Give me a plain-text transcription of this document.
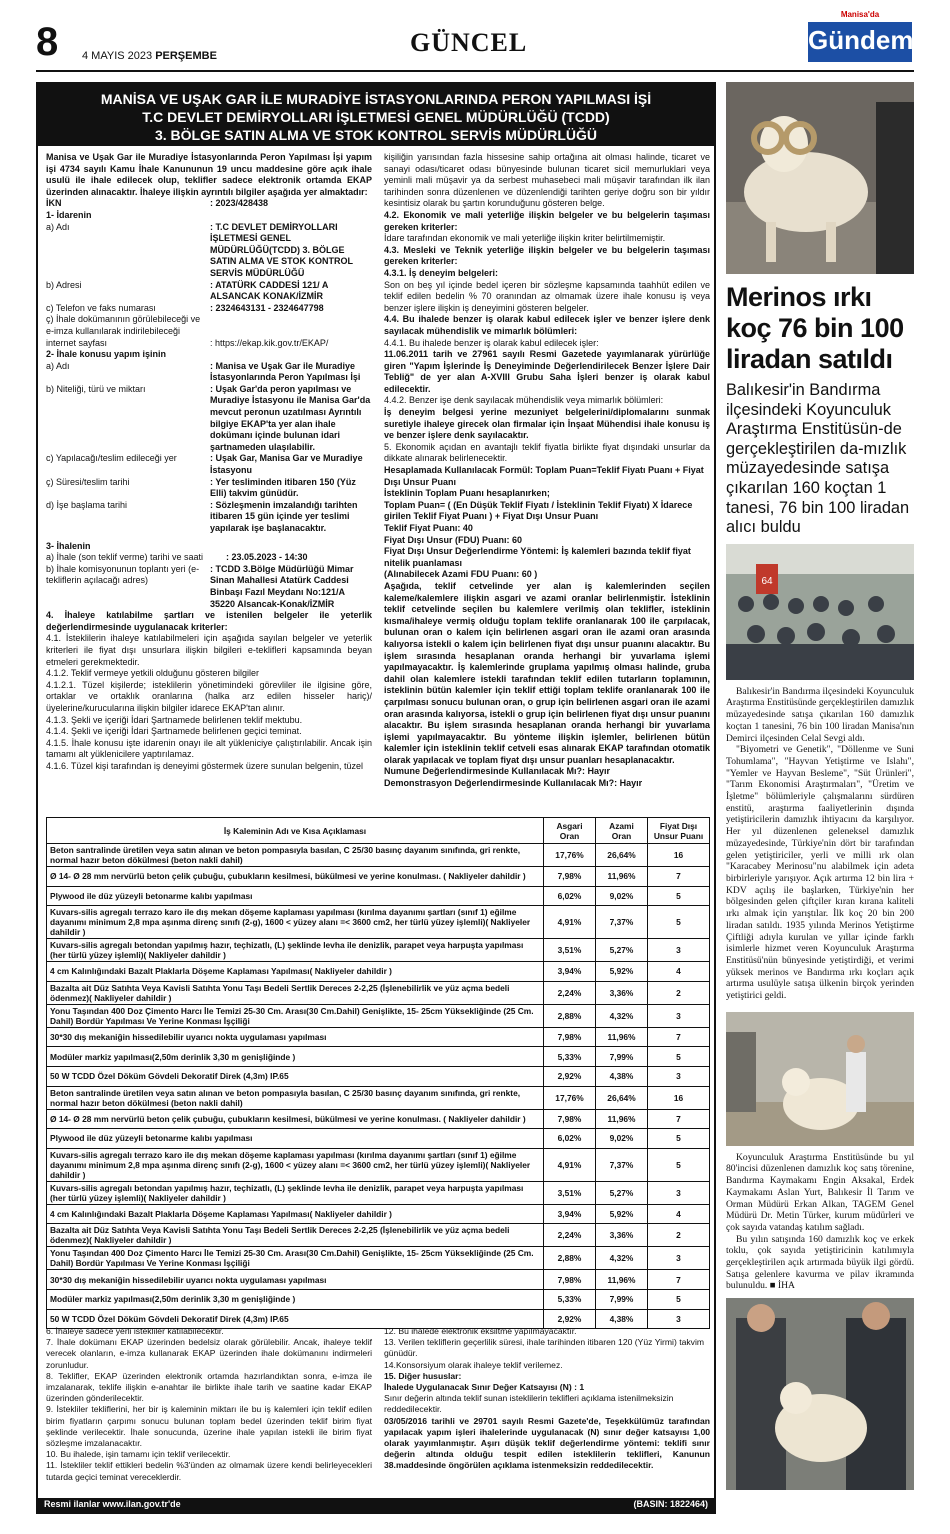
8 4 MAYIS 2023 PERŞEMBE	GÜNCEL
Manisa'da
Gündem
MANİSA VE UŞAK GAR İLE MURADİYE İSTASYONLARINDA PERON YAPILMASI İŞİ
T.C DEVLET DEMİRYOLLARI İŞLETMESİ GENEL MÜDÜRLÜĞÜ (TCDD)
3. BÖLGE SATIN ALMA VE STOK KONTROL SERVİS MÜDÜRLÜĞÜ

Manisa ve Uşak Gar ile Muradiye İstasyonlarında Peron Yapılması İşi yapım işi 4734 sayılı Kamu İhale Kanununun 19 uncu maddesine göre açık ihale usulü ile ihale edilecek olup, teklifler sadece elektronik ortamda EKAP üzerinden alınacaktır. İhaleye ilişkin ayrıntılı bilgiler aşağıda yer almaktadır:

İKN	: 2023/428438

1- İdarenin

a) Adı	: T.C DEVLET DEMİRYOLLARI İŞLETMESİ GENEL MÜDÜRLÜĞÜ(TCDD) 3. BÖLGE SATIN ALMA VE STOK KONTROL SERVİS MÜDÜRLÜĞÜ
b) Adresi	: ATATÜRK CADDESİ 121/ A ALSANCAK KONAK/İZMİR
c) Telefon ve faks numarası	: 2324643131 - 2324647798
ç) İhale dokümanının görülebileceği ve e-imza kullanılarak indirilebileceği internet sayfası	: https://ekap.kik.gov.tr/EKAP/

2- İhale konusu yapım işinin

a) Adı	: Manisa ve Uşak Gar ile Muradiye İstasyonlarında Peron Yapılması İşi
b) Niteliği, türü ve miktarı	: Uşak Gar'da peron yapılması ve Muradiye İstasyonu ile Manisa Gar'da mevcut peronun uzatılması Ayrıntılı bilgiye EKAP'ta yer alan ihale dokümanı içinde bulunan idari şartnameden ulaşılabilir.
c) Yapılacağı/teslim edileceği yer	: Uşak Gar, Manisa Gar ve Muradiye İstasyonu
ç) Süresi/teslim tarihi	: Yer tesliminden itibaren 150 (Yüz Elli) takvim günüdür.
d) İşe başlama tarihi	: Sözleşmenin imzalandığı tarihten itibaren 15 gün içinde yer teslimi yapılarak işe başlanacaktır.

3- İhalenin

a) İhale (son teklif verme) tarihi ve saati	: 23.05.2023 - 14:30
b) İhale komisyonunun toplantı yeri (e-tekliflerin açılacağı adres)
: TCDD 3.Bölge Müdürlüğü Mimar Sinan Mahallesi Atatürk Caddesi Binbaşı Fazıl Meydanı No:121/A 35220 Alsancak-Konak/İZMİR

4. İhaleye katılabilme şartları ve istenilen belgeler ile yeterlik değerlendirmesinde uygulanacak kriterler:

4.1. İsteklilerin ihaleye katılabilmeleri için aşağıda sayılan belgeler ve yeterlik kriterleri ile fiyat dışı unsurlara ilişkin bilgileri e-teklifleri kapsamında beyan etmeleri gerekmektedir.

4.1.2. Teklif vermeye yetkili olduğunu gösteren bilgiler

4.1.2.1. Tüzel kişilerde; isteklilerin yönetimindeki görevliler ile ilgisine göre, ortaklar ve ortaklık oranlarına (halka arz edilen hisseler hariç)/üyelerine/kurucularına ilişkin bilgiler idarece EKAP'tan alınır.

4.1.3. Şekli ve içeriği İdari Şartnamede belirlenen teklif mektubu.

4.1.4. Şekli ve içeriği İdari Şartnamede belirlenen geçici teminat.

4.1.5. İhale konusu işte idarenin onayı ile alt yükleniciye çalıştırılabilir. Ancak işin tamamı alt yüklenicilere yaptırılamaz.

4.1.6. Tüzel kişi tarafından iş deneyimi göstermek üzere sunulan belgenin, tüzel

kişiliğin yarısından fazla hissesine sahip ortağına ait olması halinde, ticaret ve sanayi odası/ticaret odası bünyesinde bulunan ticaret sicil memurluklari veya yeminli mali müşavir ya da serbest muhasebeci mali müşavir tarafından ilk ilan tarihinden sonra düzenlenen ve düzenlendiği tarihten geriye doğru son bir yıldır kesintisiz olarak bu şartın korunduğunu gösteren belge.

4.2. Ekonomik ve mali yeterliğe ilişkin belgeler ve bu belgelerin taşıması gereken kriterler:

İdare tarafından ekonomik ve mali yeterliğe ilişkin kriter belirtilmemiştir.

4.3. Mesleki ve Teknik yeterliğe ilişkin belgeler ve bu belgelerin taşıması gereken kriterler:

4.3.1. İş deneyim belgeleri:

Son on beş yıl içinde bedel içeren bir sözleşme kapsamında taahhüt edilen ve teklif edilen bedelin % 70 oranından az olmamak üzere ihale konusu iş veya benzer işlere ilişkin iş deneyimini gösteren belgeler.

4.4. Bu ihalede benzer iş olarak kabul edilecek işler ve benzer işlere denk sayılacak mühendislik ve mimarlık bölümleri:

4.4.1. Bu ihalede benzer iş olarak kabul edilecek işler:

11.06.2011 tarih ve 27961 sayılı Resmi Gazetede yayımlanarak yürürlüğe giren "Yapım İşlerinde İş Deneyiminde Değerlendirilecek Benzer İşlere Dair Tebliğ" de yer alan A-XVIII Grubu Saha İşleri benzer iş olarak kabul edilecektir.

4.4.2. Benzer işe denk sayılacak mühendislik veya mimarlık bölümleri:

İş deneyim belgesi yerine mezuniyet belgelerini/diplomalarını sunmak suretiyle ihaleye girecek olan firmalar için İnşaat Mühendisi ihale konusu iş ve benzer işlere denk sayılacaktır.

5. Ekonomik açıdan en avantajlı teklif fiyatla birlikte fiyat dışındaki unsurlar da dikkate alınarak belirlenecektir.

Hesaplamada Kullanılacak Formül: Toplam Puan=Teklif Fiyatı Puanı + Fiyat Dışı Unsur Puanı

İsteklinin Toplam Puanı hesaplanırken;

Toplam Puan= ( (En Düşük Teklif Fiyatı / İsteklinin Teklif Fiyatı) X İdarece girilen Teklif Fiyat Puanı ) + Fiyat Dışı Unsur Puanı

Teklif Fiyat Puanı: 40

Fiyat Dışı Unsur (FDU) Puanı: 60

Fiyat Dışı Unsur Değerlendirme Yöntemi: İş kalemleri bazında teklif fiyat nitelik puanlaması

(Alınabilecek Azami FDU Puanı: 60 )

Aşağıda, teklif cetvelinde yer alan iş kalemlerinden seçilen kaleme/kalemlere ilişkin asgari ve azami oranlar belirlenmiştir. İsteklinin teklif cetvelinde seçilen bu kalemlere verilmiş olan teklifler, isteklinin kısma/ihaleye vermiş olduğu toplam teklife oranlanarak 100 ile çarpılacak, bulunan oran o kalem için belirlenen asgari oran ile azami oran arasında kalıyorsa istekli o kalem için belirlenen fiyat dışı unsur puanını alacaktır. Bu işlem sırasında hesaplanan oranda herhangi bir yuvarlama işlemi yapılmayacaktır. İş kalemlerinde gruplama yapılmış olması halinde, gruba dahil olan kalemlere istekli tarafından teklif edilen tutarların toplamının, isteklinin bütün kalemler için teklif ettiği toplam teklife oranlanarak 100 ile çarpılması sonucu bulunan oran, o grup için belirlenen asgari oran ile azami oran arasında kalıyorsa, istekli o grup için belirlenen fiyat dışı unsur puanını alacaktır. Bu işlem sırasında hesaplanan oranda herhangi bir yuvarlama işlemi yapılmayacaktır. Bu yönteme ilişkin işlemler, belirlenen bütün kalemler için isteklinin teklif cetveli esas alınarak EKAP tarafından otomatik olarak yapılacak ve toplam fiyat dışı unsur puanları hesaplanacaktır.

Numune Değerlendirmesinde Kullanılacak Mı?: Hayır

Demonstrasyon Değerlendirmesinde Kullanılacak Mı?: Hayır

İş Kaleminin Adı ve Kısa Açıklaması	Asgari Oran	Azami Oran	Fiyat Dışı Unsur Puanı
Beton santralinde üretilen veya satın alınan ve beton pompasıyla basılan, C 25/30 basınç dayanım sınıfında, gri renkte, normal hazır beton dökülmesi (beton nakli dahil)	17,76%	26,64%	16
Ø 14- Ø 28 mm nervürlü beton çelik çubuğu, çubukların kesilmesi, bükülmesi ve yerine konulması. ( Nakliyeler dahildir )	7,98%	11,96%	7
Plywood ile düz yüzeyli betonarme kalıbı yapılması	6,02%	9,02%	5
Kuvars-silis agregalı terrazo karo ile dış mekan döşeme kaplaması yapılması (kırılma dayanımı şartları (sınıf 1) eğilme dayanımı minimum 2,8 mpa aşınma direnç sınıfı (2-g), 1600 < yüzey alanı =< 3600 cm2, her türlü yüzey işlemli)( Nakliyeler dahildir )	4,91%	7,37%	5
Kuvars-silis agregalı betondan yapılmış hazır, teçhizatlı, (L) şeklinde levha ile denizlik, parapet veya harpuşta yapılması (her türlü yüzey işlemli)( Nakliyeler dahildir )	3,51%	5,27%	3
4 cm Kalınlığındaki Bazalt Plaklarla Döşeme Kaplaması Yapılması( Nakliyeler dahildir )	3,94%	5,92%	4
Bazalta ait Düz Satıhta Veya Kavisli Satıhta Yonu Taşı Bedeli Sertlik Dereces 2-2,25 (İşlenebilirlik ve yüz açma bedeli ödenmez)( Nakliyeler dahildir )	2,24%	3,36%	2
Yonu Taşından 400 Doz Çimento Harcı İle Temizi 25-30 Cm. Arası(30 Cm.Dahil) Genişlikte, 15- 25cm Yüksekliğinde (25 Cm. Dahil) Bordür Yapılması Ve Yerine Konması İşçiliği	2,88%	4,32%	3
30*30 dış mekaniğin hissedilebilir uyarıcı nokta uygulaması yapılması	7,98%	11,96%	7
Modüler markiz yapılması(2,50m derinlik 3,30 m genişliğinde )	5,33%	7,99%	5
50 W TCDD Özel Döküm Gövdeli Dekoratif Direk (4,3m) IP.65	2,92%	4,38%	3
Beton santralinde üretilen veya satın alınan ve beton pompasıyla basılan, C 25/30 basınç dayanım sınıfında, gri renkte, normal hazır beton dökülmesi (beton nakli dahil)	17,76%	26,64%	16
Ø 14- Ø 28 mm nervürlü beton çelik çubuğu, çubukların kesilmesi, bükülmesi ve yerine konulması. ( Nakliyeler dahildir )	7,98%	11,96%	7
Plywood ile düz yüzeyli betonarme kalıbı yapılması	6,02%	9,02%	5
Kuvars-silis agregalı terrazo karo ile dış mekan döşeme kaplaması yapılması (kırılma dayanımı şartları (sınıf 1) eğilme dayanımı minimum 2,8 mpa aşınma direnç sınıfı (2-g), 1600 < yüzey alanı =< 3600 cm2, her türlü yüzey işlemli)( Nakliyeler dahildir )	4,91%	7,37%	5
Kuvars-silis agregalı betondan yapılmış hazır, teçhizatlı, (L) şeklinde levha ile denizlik, parapet veya harpuşta yapılması (her türlü yüzey işlemli)( Nakliyeler dahildir )	3,51%	5,27%	3
4 cm Kalınlığındaki Bazalt Plaklarla Döşeme Kaplaması Yapılması( Nakliyeler dahildir )	3,94%	5,92%	4
Bazalta ait Düz Satıhta Veya Kavisli Satıhta Yonu Taşı Bedeli Sertlik Dereces 2-2,25 (İşlenebilirlik ve yüz açma bedeli ödenmez)( Nakliyeler dahildir )	2,24%	3,36%	2
Yonu Taşından 400 Doz Çimento Harcı İle Temizi 25-30 Cm. Arası(30 Cm.Dahil) Genişlikte, 15- 25cm Yüksekliğinde (25 Cm. Dahil) Bordür Yapılması Ve Yerine Konması İşçiliği	2,88%	4,32%	3
30*30 dış mekaniğin hissedilebilir uyarıcı nokta uygulaması yapılması	7,98%	11,96%	7
Modüler markiz yapılması(2,50m derinlik 3,30 m genişliğinde )	5,33%	7,99%	5
50 W TCDD Özel Döküm Gövdeli Dekoratif Direk (4,3m) IP.65	2,92%	4,38%	3

6. İhaleye sadece yerli istekliler katılabilecektir.

7. İhale dokümanı EKAP üzerinden bedelsiz olarak görülebilir. Ancak, ihaleye teklif verecek olanların, e-imza kullanarak EKAP üzerinden ihale dokümanını indirmeleri zorunludur.

8. Teklifler, EKAP üzerinden elektronik ortamda hazırlandıktan sonra, e-imza ile imzalanarak, teklife ilişkin e-anahtar ile birlikte ihale tarih ve saatine kadar EKAP üzerinden gönderilecektir.

9. İstekliler tekliflerini, her bir iş kaleminin miktarı ile bu iş kalemleri için teklif edilen birim fiyatların çarpımı sonucu bulunan toplam bedel üzerinden teklif birim fiyat şeklinde verilecektir. İhale sonucunda, üzerine ihale yapılan istekli ile birim fiyat sözleşme imzalanacaktır.

10. Bu ihalede, işin tamamı için teklif verilecektir.

11. İstekliler teklif ettikleri bedelin %3'ünden az olmamak üzere kendi belirleyecekleri tutarda geçici teminat vereceklerdir.

12. Bu ihalede elektronik eksiltme yapılmayacaktır.

13. Verilen tekliflerin geçerlilik süresi, ihale tarihinden itibaren 120 (Yüz Yirmi) takvim günüdür.

14.Konsorsiyum olarak ihaleye teklif verilemez.

15. Diğer hususlar:

İhalede Uygulanacak Sınır Değer Katsayısı (N) : 1

Sınır değerin altında teklif sunan isteklilerin teklifleri açıklama istenilmeksizin reddedilecektir.

03/05/2016 tarihli ve 29701 sayılı Resmi Gazete'de, Teşekkülümüz tarafından yapılacak yapım işleri ihalelerinde uygulanacak (N) sınır değer katsayısı 1,00 olarak yayımlanmıştır. Aşırı düşük teklif değerlendirme yöntemi: teklifi sınır değerin altında olduğu tespit edilen isteklilerin teklifleri, Kanunun 38.maddesinde öngörülen açıklama istenmeksizin reddedilecektir.

Resmi ilanlar www.ilan.gov.tr'de	(BASIN: 1822464)
Merinos ırkı koç 76 bin 100 liradan satıldı
Balıkesir'in Bandırma ilçesindeki Koyunculuk Araştırma Enstitüsün-de gerçekleştirilen da-mızlık müzayedesinde satışa çıkarılan 160 koçtan 1 tanesi, 76 bin 100 liradan alıcı buldu
64

Balıkesir'in Bandırma ilçesindeki Koyunculuk Araştırma Enstitüsünde gerçekleştirilen damızlık müzayedesinde satışa çıkarılan 160 damızlık koçtan 1 tanesini, 76 bin 100 liradan Manisa'nın Demirci ilçesinden Celal Sevgi aldı.

"Biyometri ve Genetik", "Döllenme ve Suni Tohumlama", "Hayvan Yetiştirme ve Islahı", "Yemler ve Hayvan Besleme", "Süt Ürünleri", "Tarım Ekonomisi Araştırmaları", "Üretim ve İşletme" bölümleriyle çalışmalarını sürdüren enstitü, araştırma faaliyetlerinin dışında yetiştiricilerin damızlık ihtiyacını da karşılıyor. Her yıl düzenlenen geleneksel damızlık müzayedesinde, Türkiye'nin dört bir tarafından gelen yetiştiriciler, yerli ve milli ırk olan "Karacabey Merinosu"nu alabilmek için adeta birbirleriyle yarışıyor. Açık artırma 12 bin lira + KDV açılış ile başlarken, Türkiye'nin her bölgesinden gelen çiftçiler kıran kırana kaliteli ırkı almak için yarıştılar. İlk koç 20 bin 200 liradan satıldı. 1935 yılında Merinos Yetiştirme Çiftliği adıyla kurulan ve yıllar içinde farklı isimlerle hizmet veren Koyunculuk Araştırma Enstitüsü'nün bünyesinde yetiştirdiği, et verimi yüksek merinos ve Bandırma ırkı koçları açık artırma usulüyle satışa ülkenin birçok yerinden yetiştirici geldi.

Koyunculuk Araştırma Enstitüsünde bu yıl 80'incisi düzenlenen damızlık koç satış törenine, Bandırma Kaymakamı Engin Aksakal, Erdek Kaymakamı Aslan Yurt, Balıkesir İl Tarım ve Orman Müdürü Erkan Alkan, TAGEM Genel Müdürü Dr. Metin Türker, kurum müdürleri ve çok sayıda vatandaş katılım sağladı.

Bu yılın satışında 160 damızlık koç ve erkek toklu, çok sayıda yetiştiricinin katılımıyla gerçekleştirilen açık artırmada büyük ilgi gördü. Satışa gelenlere kavurma ve pilav ikramında bulunuldu. ■ İHA
